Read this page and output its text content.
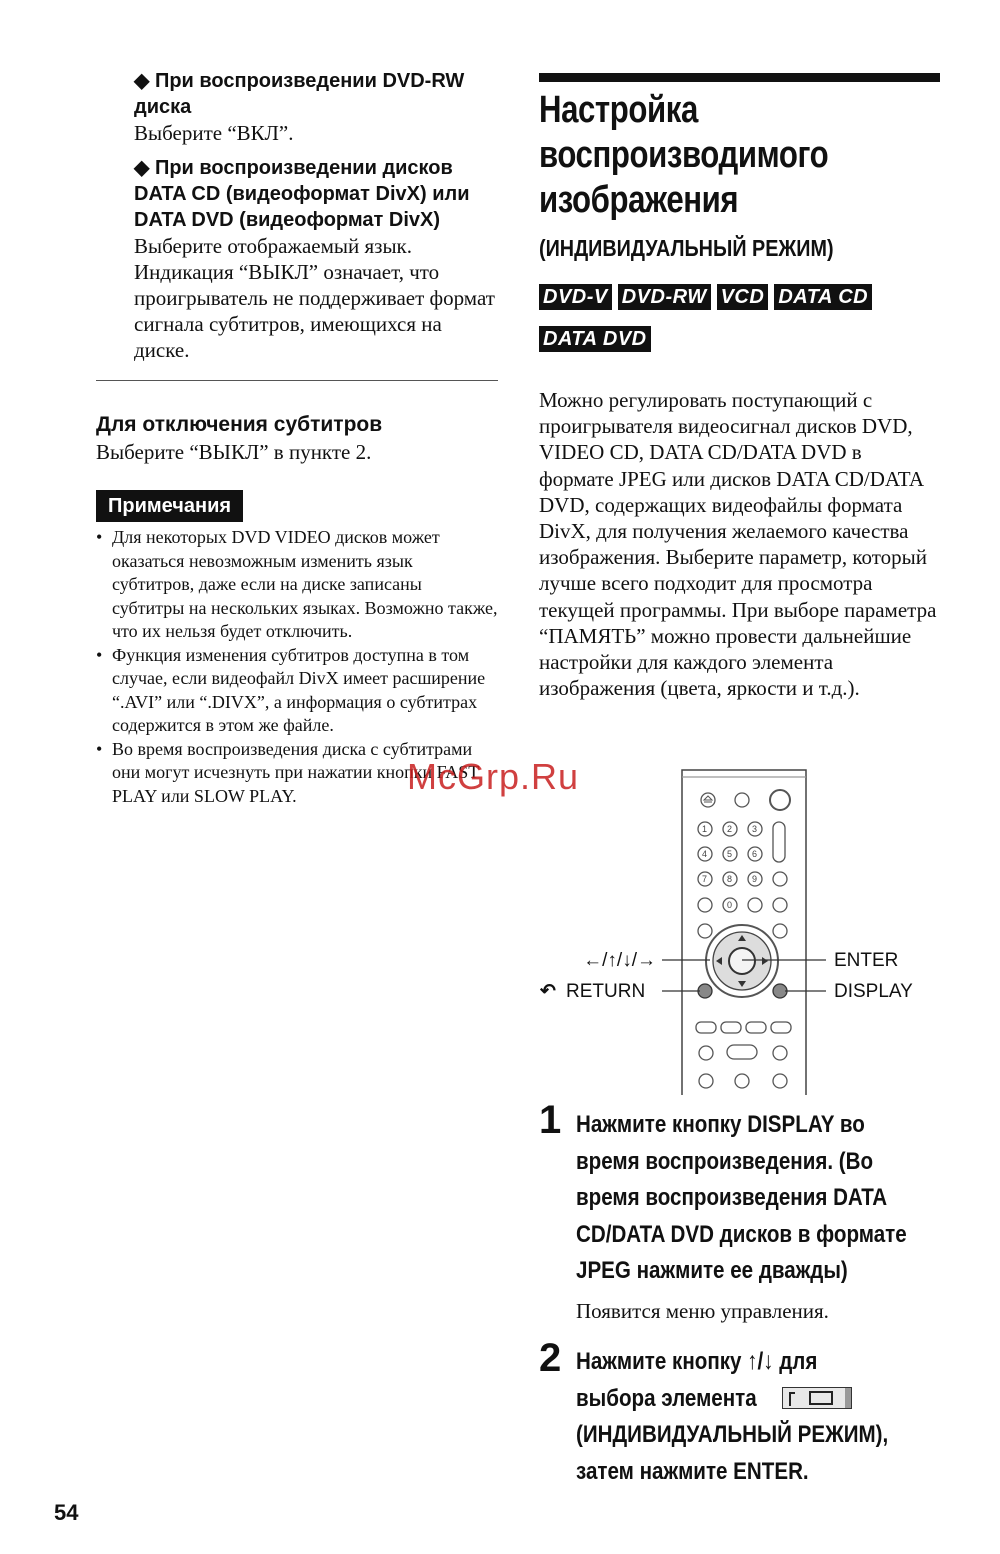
◆ При воспроизведении DVD-RW диска
Выберите “ВКЛ”.
◆ При воспроизведении дисков DATA CD (видеоформат DivX) или DATA DVD (видеоформат DivX)
Выберите отображаемый язык. Индикация “ВЫКЛ” означает, что проигрыватель не поддерживает формат сигнала субтитров, имеющихся на диске.
Для отключения субтитров
Выберите “ВЫКЛ” в пункте 2.
Примечания
• Для некоторых DVD VIDEO дисков может оказаться невозможным изменить язык субтитров, даже если на диске записаны субтитры на нескольких языках. Возможно также, что их нельзя будет отключить.
• Функция изменения субтитров доступна в том случае, если видеофайл DivX имеет расширение “.AVI” или “.DIVX”, а информация о субтитрах содержится в этом же файле.
• Во время воспроизведения диска с субтитрами они могут исчезнуть при нажатии кнопки FAST PLAY или SLOW PLAY.
Настройка
воспроизводимого
изображения
(ИНДИВИДУАЛЬНЫЙ РЕЖИМ)
DVD-V DVD-RW VCD DATA CD
DATA DVD
Можно регулировать поступающий с проигрывателя видеосигнал дисков DVD, VIDEO CD, DATA CD/DATA DVD в формате JPEG или дисков DATA CD/DATA DVD, содержащих видеофайлы формата DivX, для получения желаемого качества изображения. Выберите параметр, который лучше всего подходит для просмотра текущей программы. При выборе параметра “ПАМЯТЬ” можно провести дальнейшие настройки для каждого элемента изображения (цвета, яркости и т.д.).
1 2 3
4 5 6
7 8 9
0
←/↑/↓/→
↶ RETURN
ENTER
DISPLAY
McGrp.Ru
1 Нажмите кнопку DISPLAY во
время воспроизведения. (Во
время воспроизведения DATA
CD/DATA DVD дисков в формате
JPEG нажмите ее дважды)
Появится меню управления.
2 Нажмите кнопку ↑/↓ для
выбора элемента
(ИНДИВИДУАЛЬНЫЙ РЕЖИМ),
затем нажмите ENTER.
54
